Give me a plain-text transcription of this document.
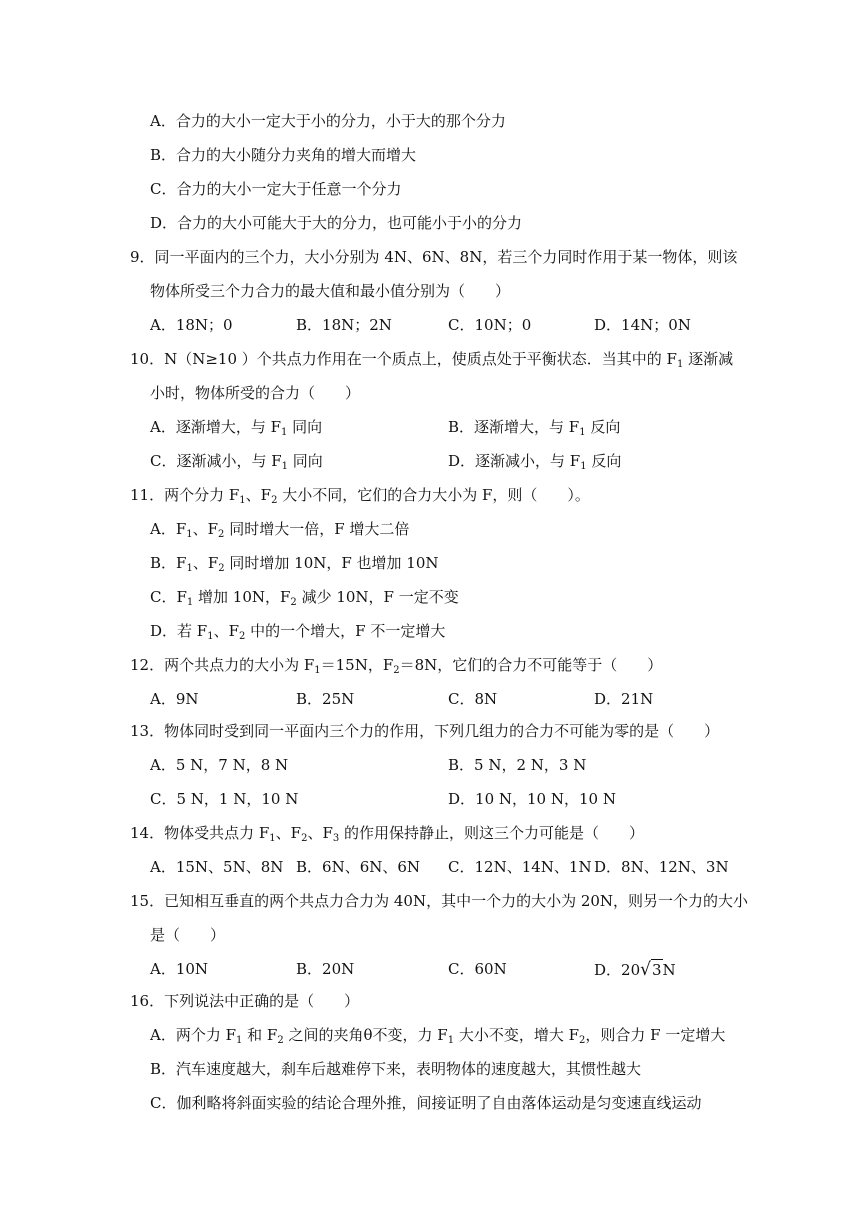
A．合力的大小一定大于小的分力，小于大的那个分力
B．合力的大小随分力夹角的增大而增大
C．合力的大小一定大于任意一个分力
D．合力的大小可能大于大的分力，也可能小于小的分力
9．同一平面内的三个力，大小分别为 4N、6N、8N，若三个力同时作用于某一物体，则该
物体所受三个力合力的最大值和最小值分别为（　　）
A．18N；0	B．18N；2N	C．10N；0	D．14N；0N
10．N（N≥10 ）个共点力作用在一个质点上，使质点处于平衡状态．当其中的 $F_1$ 逐渐减
小时，物体所受的合力（　　）
A．逐渐增大，与 $F_1$ 同向	B．逐渐增大，与 $F_1$ 反向
C．逐渐减小，与 $F_1$ 同向	D．逐渐减小，与 $F_1$ 反向
11．两个分力 $F_1$、$F_2$ 大小不同，它们的合力大小为 F，则（　　）。
A．$F_1$、$F_2$ 同时增大一倍，F 增大二倍
B．$F_1$、$F_2$ 同时增加 10N，F 也增加 10N
C．$F_1$ 增加 10N，$F_2$ 减少 10N，F 一定不变
D．若 $F_1$、$F_2$ 中的一个增大，F 不一定增大
12．两个共点力的大小为 $F_1=15N$，$F_2=8N$，它们的合力不可能等于（　　）
A．9N	B．25N	C．8N	D．21N
13．物体同时受到同一平面内三个力的作用，下列几组力的合力不可能为零的是（　　）
A．5 N，7 N，8 N	B．5 N，2 N，3 N
C．5 N，1 N，10 N	D．10 N，10 N，10 N
14．物体受共点力 $F_1$、$F_2$、$F_3$ 的作用保持静止，则这三个力可能是（　　）
A．15N、5N、8N B．6N、6N、6N C．12N、14N、1N D．8N、12N、3N
15．已知相互垂直的两个共点力合力为 40N，其中一个力的大小为 20N，则另一个力的大小
是（　　）
A．10N	B．20N	C．60N	D．20√3N
16．下列说法中正确的是（　　）
A．两个力 $F_1$ 和 $F_2$ 之间的夹角θ不变，力 $F_1$ 大小不变，增大 $F_2$，则合力 F 一定增大
B．汽车速度越大，刹车后越难停下来，表明物体的速度越大，其惯性越大
C．伽利略将斜面实验的结论合理外推，间接证明了自由落体运动是匀变速直线运动
